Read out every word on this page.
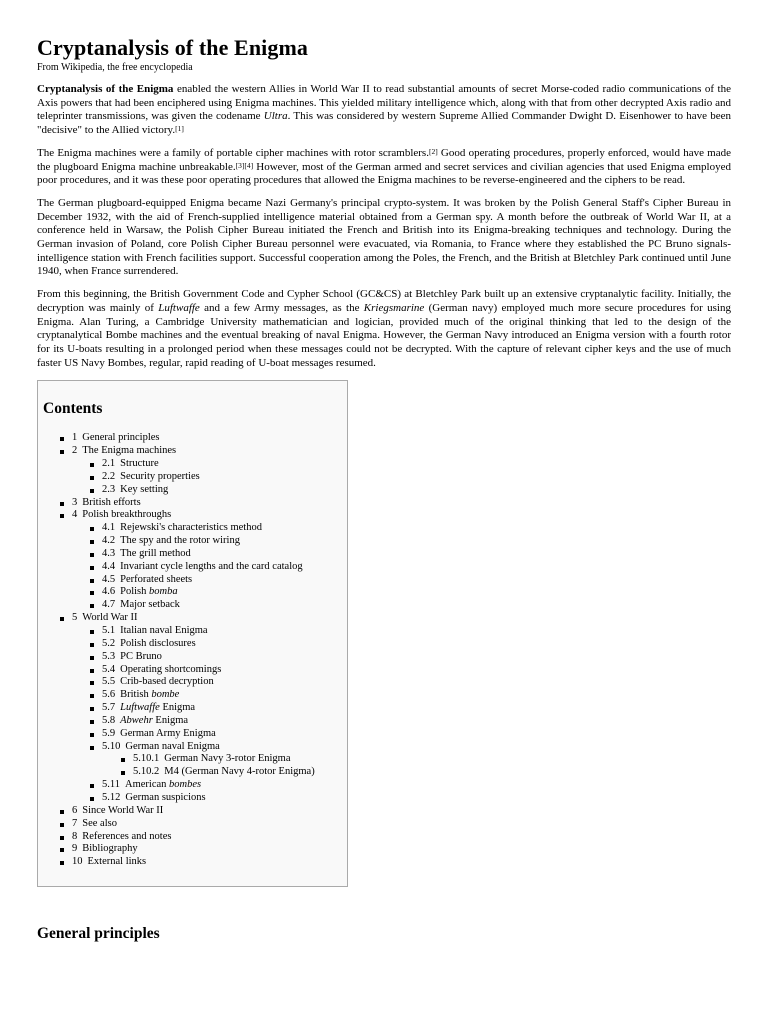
Cryptanalysis of the Enigma
From Wikipedia, the free encyclopedia

Cryptanalysis of the Enigma enabled the western Allies in World War II to read substantial amounts of secret Morse-coded radio communications of the Axis powers that had been enciphered using Enigma machines. This yielded military intelligence which, along with that from other decrypted Axis radio and teleprinter transmissions, was given the codename Ultra. This was considered by western Supreme Allied Commander Dwight D. Eisenhower to have been "decisive" to the Allied victory.[1]

The Enigma machines were a family of portable cipher machines with rotor scramblers.[2] Good operating procedures, properly enforced, would have made the plugboard Enigma machine unbreakable.[3][4] However, most of the German armed and secret services and civilian agencies that used Enigma employed poor procedures, and it was these poor operating procedures that allowed the Enigma machines to be reverse-engineered and the ciphers to be read.

The German plugboard-equipped Enigma became Nazi Germany's principal crypto-system. It was broken by the Polish General Staff's Cipher Bureau in December 1932, with the aid of French-supplied intelligence material obtained from a German spy. A month before the outbreak of World War II, at a conference held in Warsaw, the Polish Cipher Bureau initiated the French and British into its Enigma-breaking techniques and technology. During the German invasion of Poland, core Polish Cipher Bureau personnel were evacuated, via Romania, to France where they established the PC Bruno signals-intelligence station with French facilities support. Successful cooperation among the Poles, the French, and the British at Bletchley Park continued until June 1940, when France surrendered.

From this beginning, the British Government Code and Cypher School (GC&CS) at Bletchley Park built up an extensive cryptanalytic facility. Initially, the decryption was mainly of Luftwaffe and a few Army messages, as the Kriegsmarine (German navy) employed much more secure procedures for using Enigma. Alan Turing, a Cambridge University mathematician and logician, provided much of the original thinking that led to the design of the cryptanalytical Bombe machines and the eventual breaking of naval Enigma. However, the German Navy introduced an Enigma version with a fourth rotor for its U-boats resulting in a prolonged period when these messages could not be decrypted. With the capture of relevant cipher keys and the use of much faster US Navy Bombes, regular, rapid reading of U-boat messages resumed.

Contents
1 General principles
2 The Enigma machines
2.1 Structure
2.2 Security properties
2.3 Key setting
3 British efforts
4 Polish breakthroughs
4.1 Rejewski's characteristics method
4.2 The spy and the rotor wiring
4.3 The grill method
4.4 Invariant cycle lengths and the card catalog
4.5 Perforated sheets
4.6 Polish bomba
4.7 Major setback
5 World War II
5.1 Italian naval Enigma
5.2 Polish disclosures
5.3 PC Bruno
5.4 Operating shortcomings
5.5 Crib-based decryption
5.6 British bombe
5.7 Luftwaffe Enigma
5.8 Abwehr Enigma
5.9 German Army Enigma
5.10 German naval Enigma
5.10.1 German Navy 3-rotor Enigma
5.10.2 M4 (German Navy 4-rotor Enigma)
5.11 American bombes
5.12 German suspicions
6 Since World War II
7 See also
8 References and notes
9 Bibliography
10 External links
General principles
